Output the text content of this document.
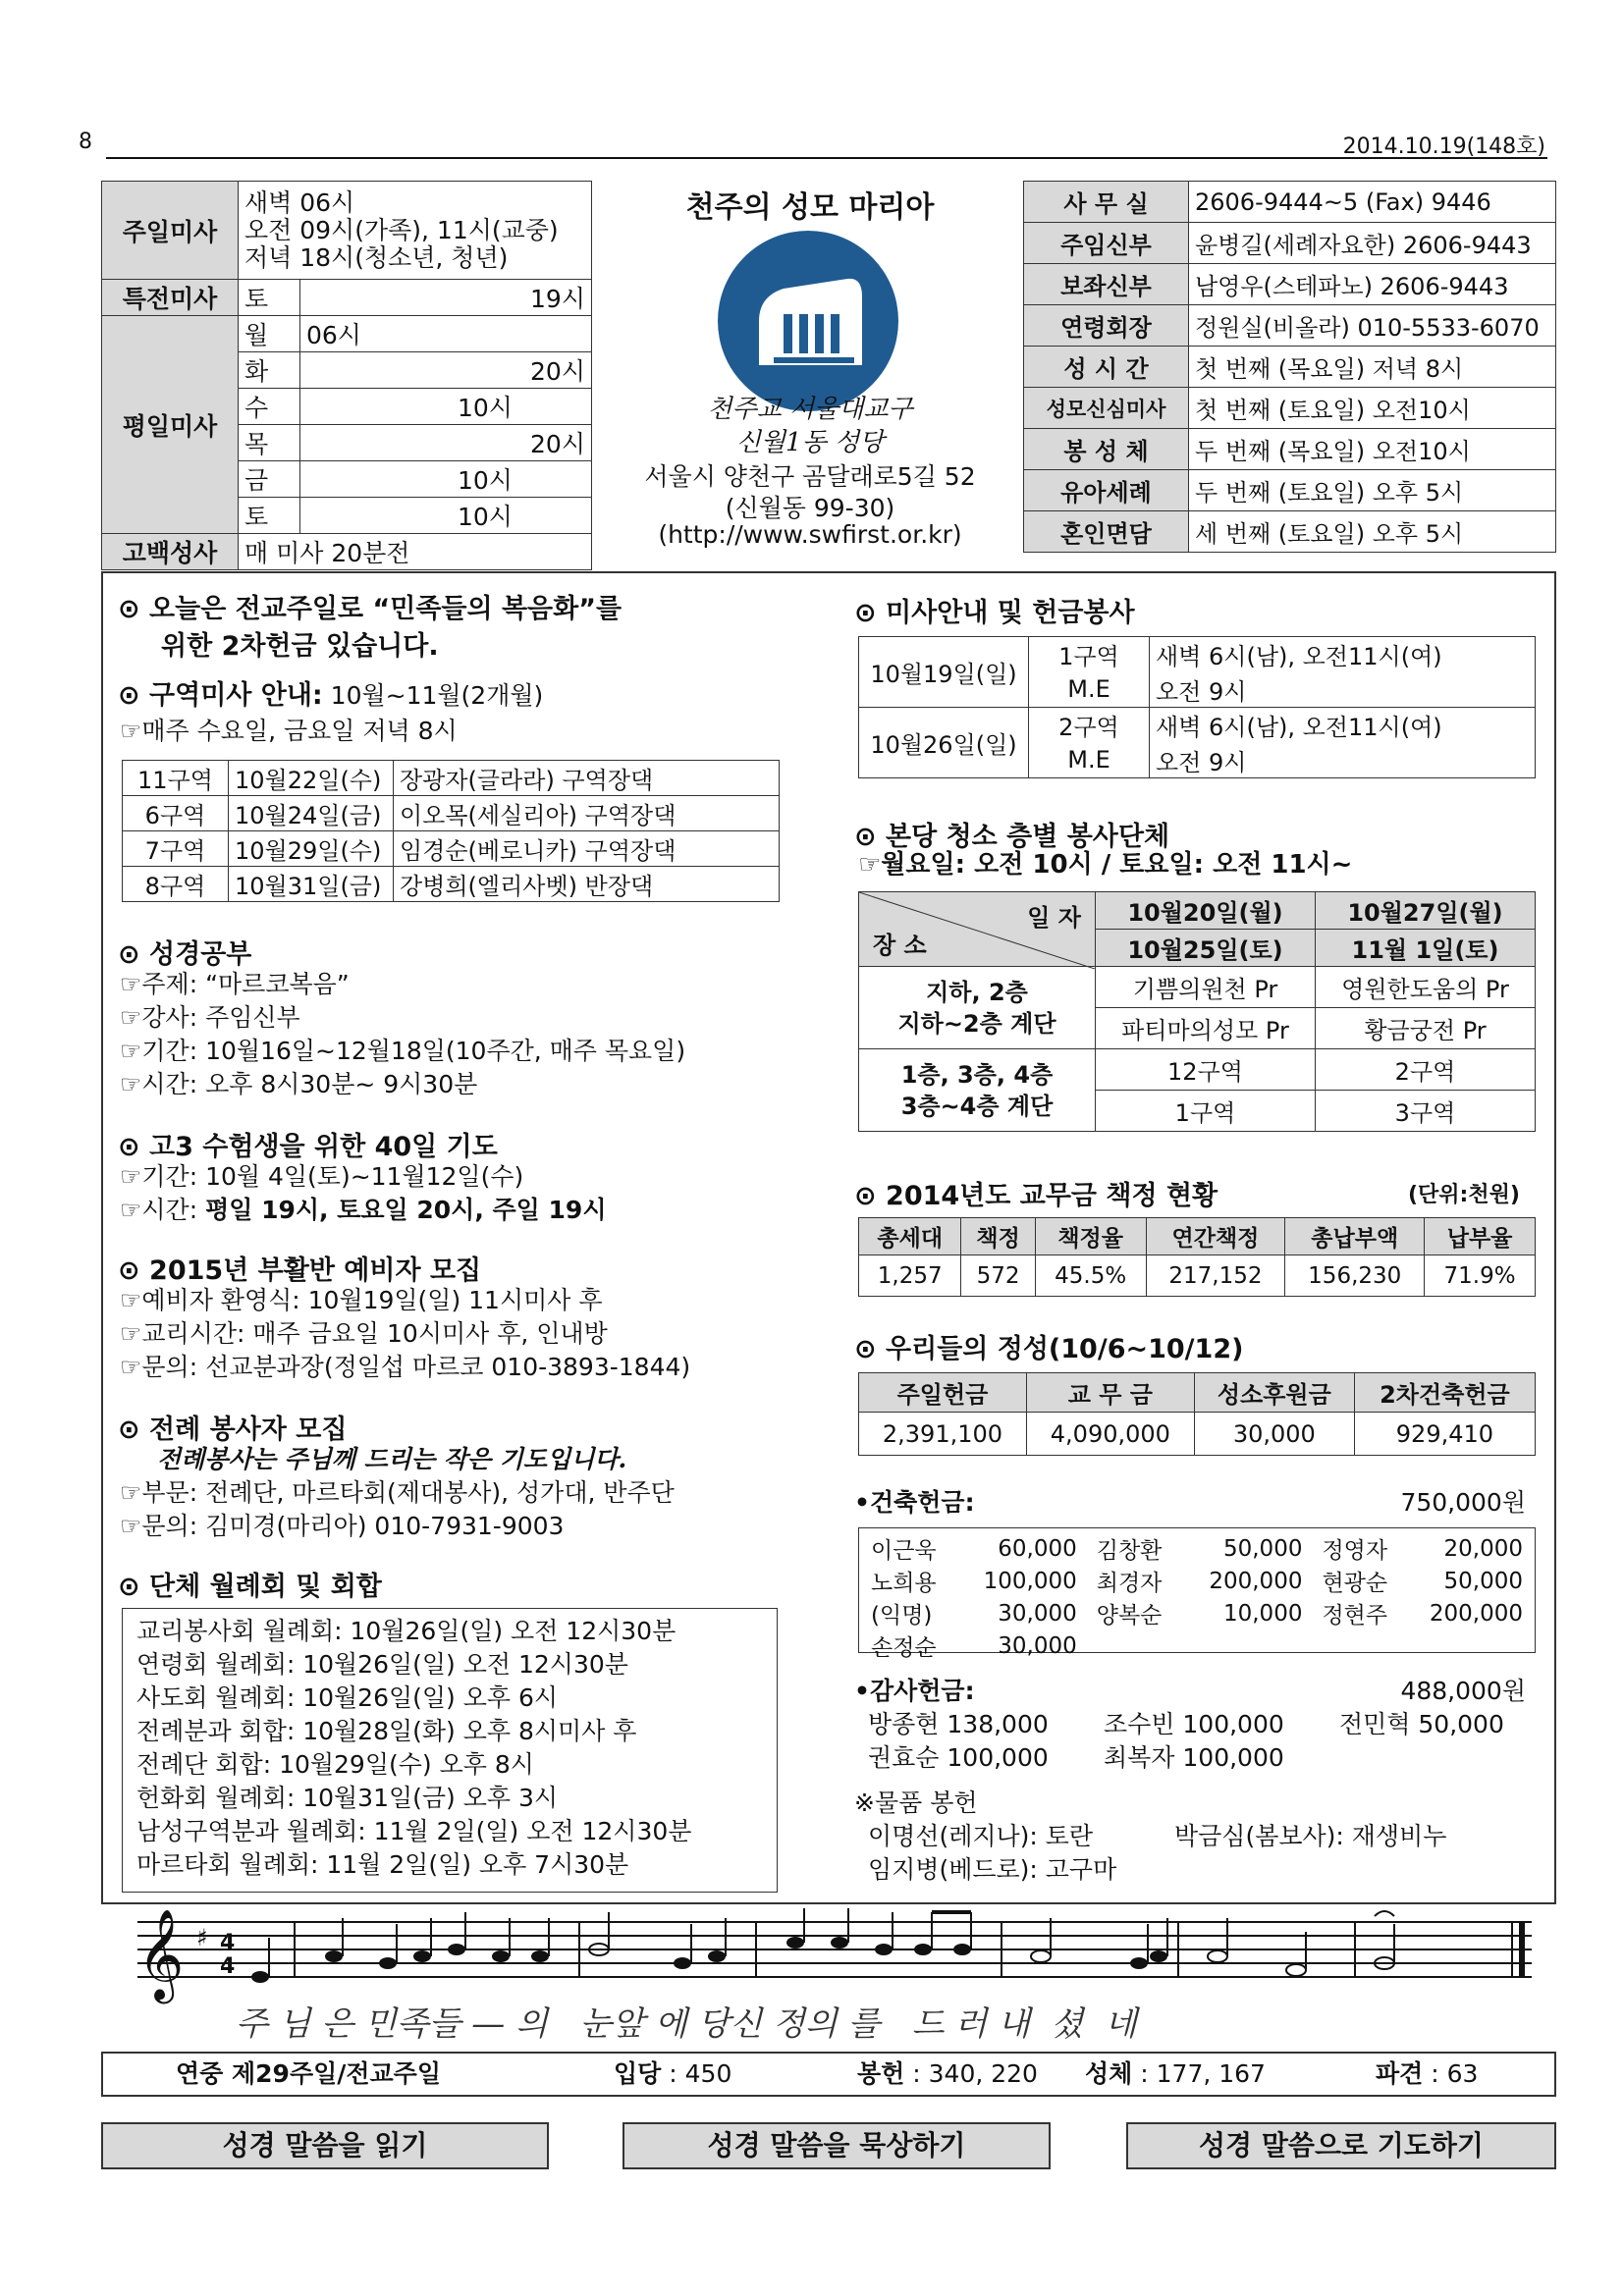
8	2014.10.19(148호)
주일미사	새벽 06시
오전 09시(가족), 11시(교중)
저녁 18시(청소년, 청년)	

특전미사	토	19시
평일미사	월	06시
	화	20시
	수	10시
	목	20시
	금	10시
	토	10시
고백성사	매 미사 20분전	
천주의 성모 마리아
천주교 서울대교구
신월1동 성당
서울시 양천구 곰달래로5길 52
(신월동 99-30)
(http://www.swfirst.or.kr)
사 무 실	2606-9444~5 (Fax) 9446
주임신부	윤병길(세례자요한) 2606-9443
보좌신부	남영우(스테파노) 2606-9443
연령회장	정원실(비올라) 010-5533-6070
성 시 간	첫 번째 (목요일) 저녁 8시
성모신심미사	첫 번째 (토요일) 오전10시
봉 성 체	두 번째 (목요일) 오전10시
유아세례	두 번째 (토요일) 오후 5시
혼인면담	세 번째 (토요일) 오후 5시
⊙ 오늘은 전교주일로 “민족들의 복음화”를
위한 2차헌금 있습니다.
⊙ 구역미사 안내: 10월~11월(2개월)
☞매주 수요일, 금요일 저녁 8시
11구역	10월22일(수)	장광자(글라라) 구역장댁
6구역	10월24일(금)	이오목(세실리아) 구역장댁
7구역	10월29일(수)	임경순(베로니카) 구역장댁
8구역	10월31일(금)	강병희(엘리사벳) 반장댁
⊙ 성경공부
☞주제: “마르코복음”
☞강사: 주임신부
☞기간: 10월16일~12월18일(10주간, 매주 목요일)
☞시간: 오후 8시30분~ 9시30분
⊙ 고3 수험생을 위한 40일 기도
☞기간: 10월 4일(토)~11월12일(수)
☞시간: 평일 19시, 토요일 20시, 주일 19시
⊙ 2015년 부활반 예비자 모집
☞예비자 환영식: 10월19일(일) 11시미사 후
☞교리시간: 매주 금요일 10시미사 후, 인내방
☞문의: 선교분과장(정일섭 마르코 010-3893-1844)
⊙ 전례 봉사자 모집
전례봉사는 주님께 드리는 작은 기도입니다.
☞부문: 전례단, 마르타회(제대봉사), 성가대, 반주단
☞문의: 김미경(마리아) 010-7931-9003
⊙ 단체 월례회 및 회합
교리봉사회 월례회: 10월26일(일) 오전 12시30분
연령회 월례회: 10월26일(일) 오전 12시30분
사도회 월례회: 10월26일(일) 오후 6시
전례분과 회합: 10월28일(화) 오후 8시미사 후
전례단 회합: 10월29일(수) 오후 8시
헌화회 월례회: 10월31일(금) 오후 3시
남성구역분과 월례회: 11월 2일(일) 오전 12시30분
마르타회 월례회: 11월 2일(일) 오후 7시30분
⊙ 미사안내 및 헌금봉사
10월19일(일)	1구역	새벽 6시(남), 오전11시(여)
	M.E	오전 9시
10월26일(일)	2구역	새벽 6시(남), 오전11시(여)
	M.E	오전 9시
⊙ 본당 청소 층별 봉사단체
☞월요일: 오전 10시 / 토요일: 오전 11시~
일 자
장 소	10월20일(월)	10월27일(월)
	10월25일(토)	11월 1일(토)

지하, 2층
지하~2층 계단	기쁨의원천 Pr	영원한도움의 Pr
	파티마의성모 Pr	황금궁전 Pr

1층, 3층, 4층
3층~4층 계단	12구역	2구역
	1구역	3구역
⊙ 2014년도 교무금 책정 현황	(단위:천원)
총세대	책정	책정율	연간책정	총납부액	납부율
1,257	572	45.5%	217,152	156,230	71.9%
⊙ 우리들의 정성(10/6~10/12)
주일헌금	교 무 금	성소후원금	2차건축헌금
2,391,100	4,090,000	30,000	929,410
•건축헌금:	750,000원
이근욱	60,000	김창환	50,000	정영자	20,000
노희용	100,000	최경자	200,000	현광순	50,000
(익명)	30,000	양복순	10,000	정현주	200,000
손정순	30,000				
•감사헌금:	488,000원
방종현 138,000 조수빈 100,000 전민혁 50,000
권효순 100,000 최복자 100,000
※물품 봉헌
이명선(레지나): 토란	박금심(봄보사): 재생비누
임지병(베드로): 고구마
𝄞 ♯ 4
4
주 님 은 민족들 — 의   눈앞 에 당신 정의 를   드 러 내  셨  네
연중 제29주일/전교주일	입당 : 450	봉헌 : 340, 220 성체 : 177, 167	파견 : 63
성경 말씀을 읽기	성경 말씀을 묵상하기	성경 말씀으로 기도하기
